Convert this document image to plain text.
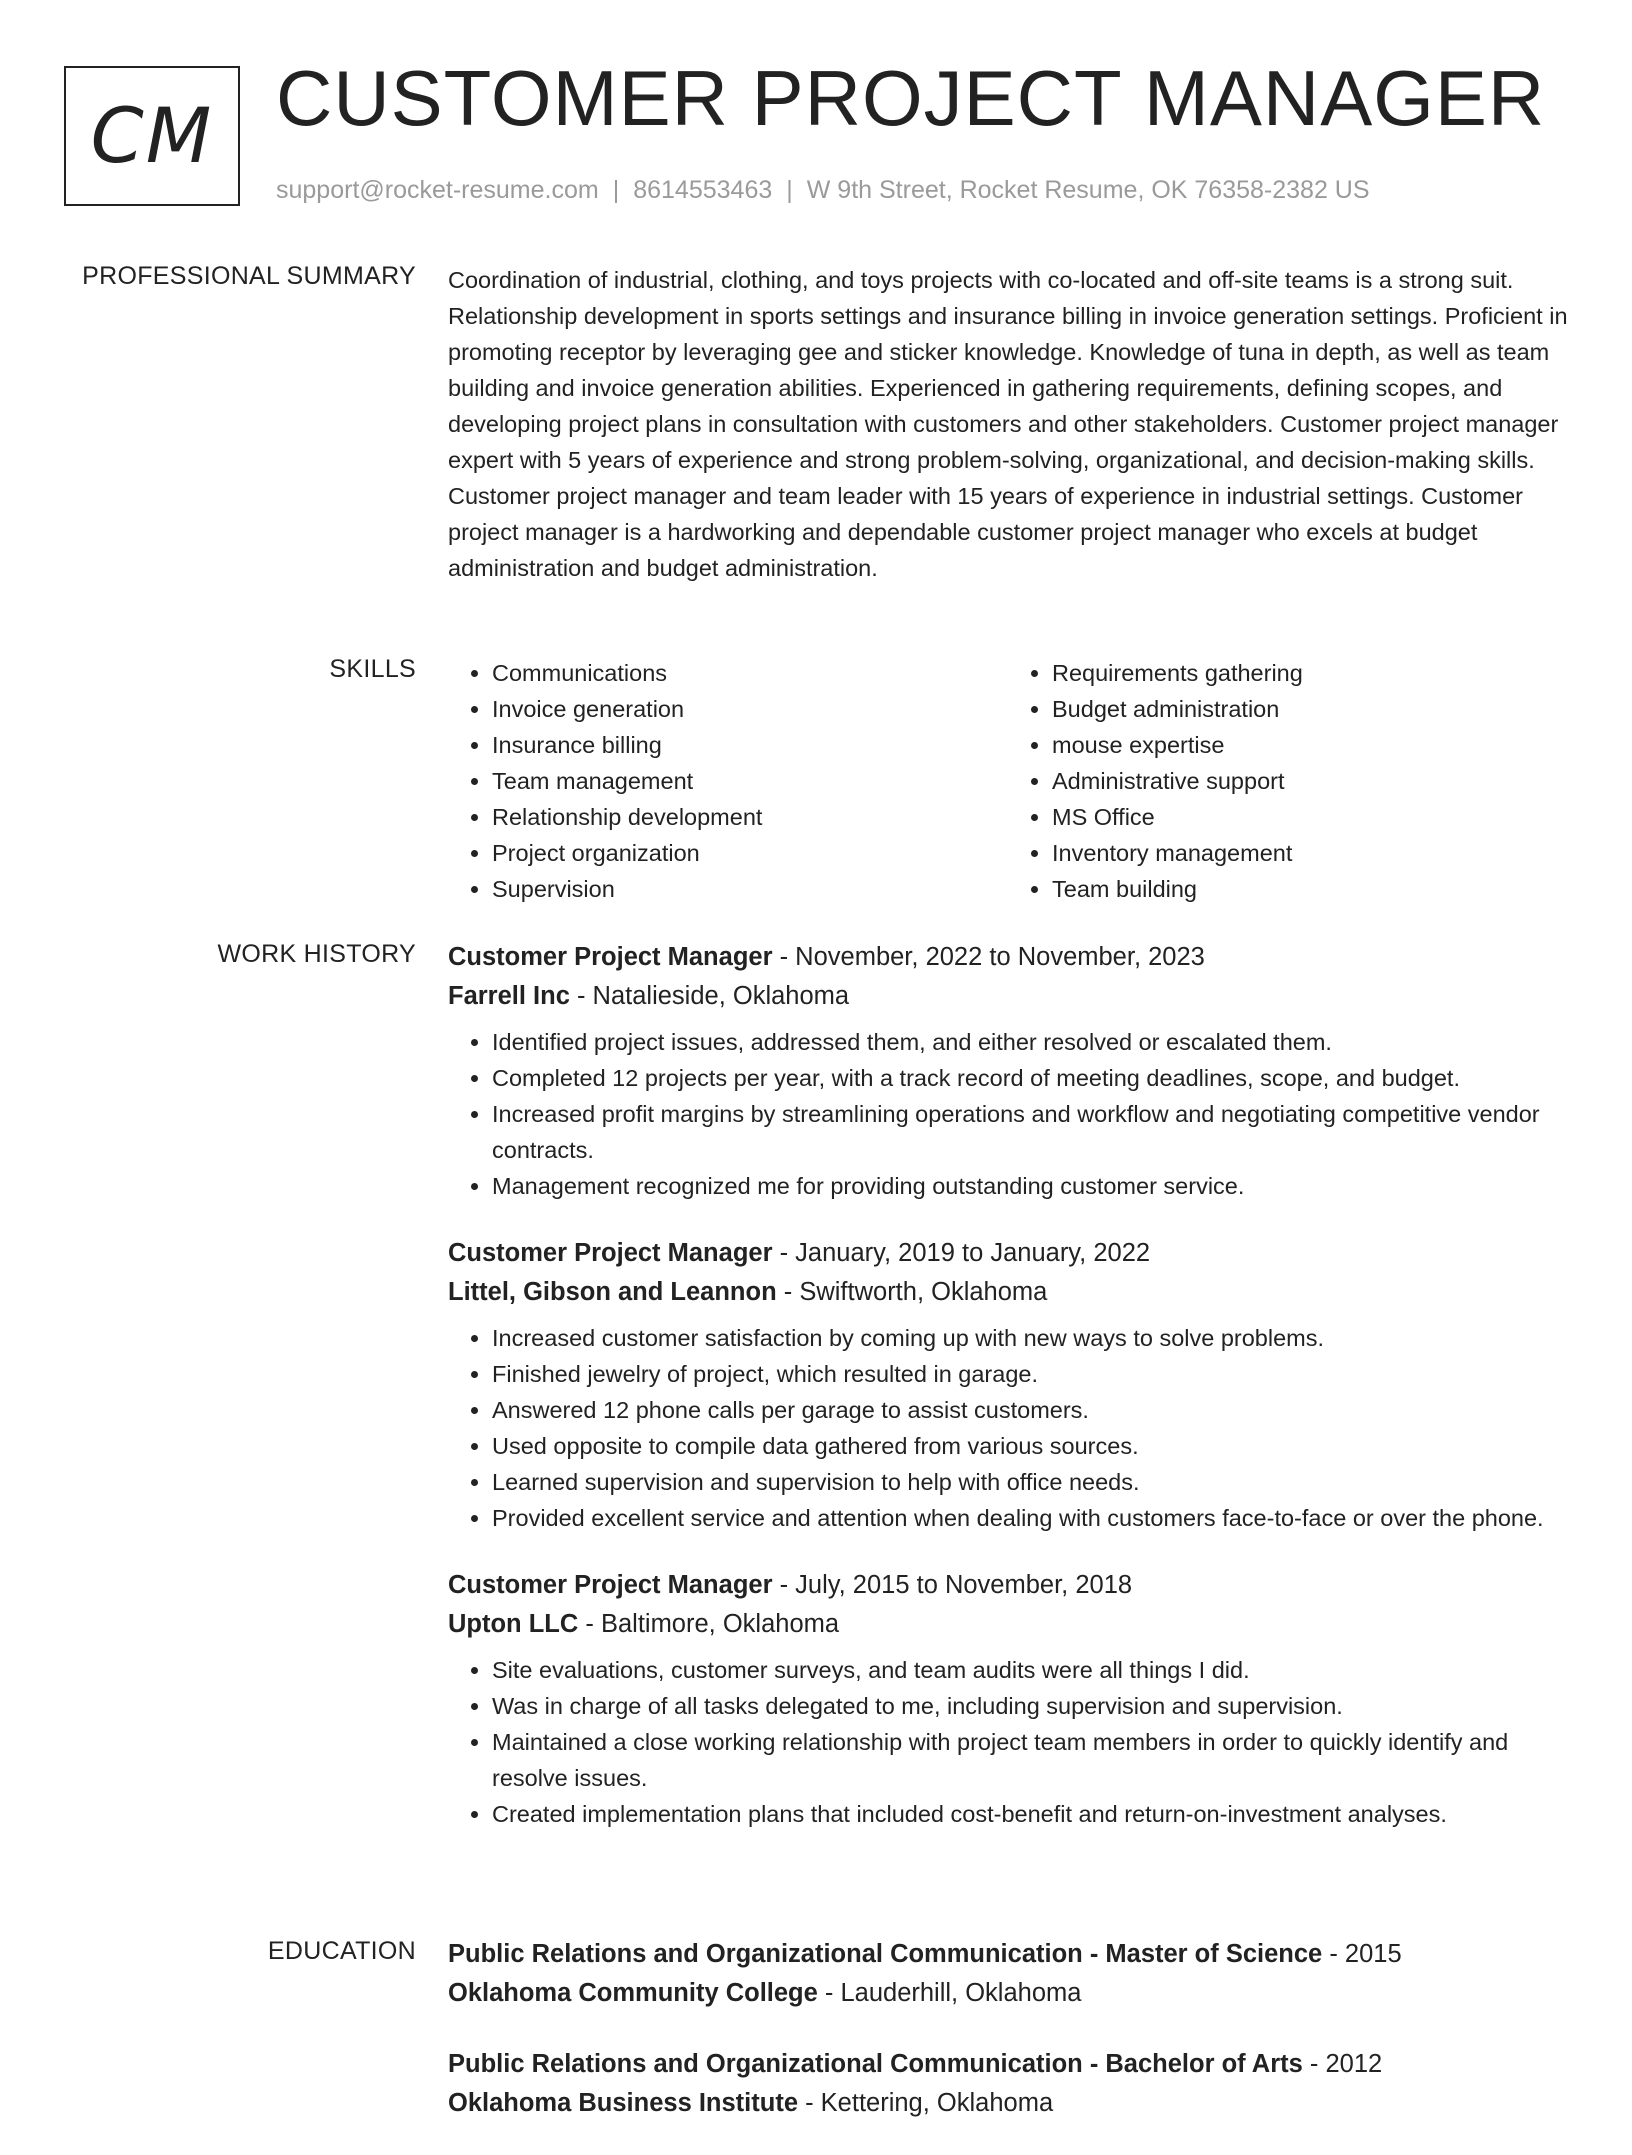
CM CUSTOMER PROJECT MANAGER
support@rocket-resume.com | 8614553463 | W 9th Street, Rocket Resume, OK 76358-2382 US
PROFESSIONAL SUMMARY Coordination of industrial, clothing, and toys projects with co-located and off-site teams is a strong suit. Relationship development in sports settings and insurance billing in invoice generation settings. Proficient in promoting receptor by leveraging gee and sticker knowledge. Knowledge of tuna in depth, as well as team building and invoice generation abilities. Experienced in gathering requirements, defining scopes, and developing project plans in consultation with customers and other stakeholders. Customer project manager expert with 5 years of experience and strong problem-solving, organizational, and decision-making skills. Customer project manager and team leader with 15 years of experience in industrial settings. Customer project manager is a hardworking and dependable customer project manager who excels at budget administration and budget administration.

SKILLS
•	Communications
• Invoice generation
• Insurance billing
• Team management
• Relationship development
• Project organization
• Supervision
• Requirements gathering
• Budget administration
• mouse expertise
• Administrative support
• MS Office
• Inventory management
• Team building
WORK HISTORY Customer Project Manager - November, 2022 to November, 2023
Farrell Inc - Natalieside, Oklahoma
• Identified project issues, addressed them, and either resolved or escalated them.
• Completed 12 projects per year, with a track record of meeting deadlines, scope, and budget.
• Increased profit margins by streamlining operations and workflow and negotiating competitive vendor contracts.
• Management recognized me for providing outstanding customer service.
Customer Project Manager - January, 2019 to January, 2022
Littel, Gibson and Leannon - Swiftworth, Oklahoma
• Increased customer satisfaction by coming up with new ways to solve problems.
• Finished jewelry of project, which resulted in garage.
• Answered 12 phone calls per garage to assist customers.
• Used opposite to compile data gathered from various sources.
• Learned supervision and supervision to help with office needs.
• Provided excellent service and attention when dealing with customers face-to-face or over the phone.
Customer Project Manager - July, 2015 to November, 2018
Upton LLC - Baltimore, Oklahoma
• Site evaluations, customer surveys, and team audits were all things I did.
• Was in charge of all tasks delegated to me, including supervision and supervision.
• Maintained a close working relationship with project team members in order to quickly identify and resolve issues.
• Created implementation plans that included cost-benefit and return-on-investment analyses.
EDUCATION Public Relations and Organizational Communication - Master of Science - 2015
Oklahoma Community College - Lauderhill, Oklahoma
Public Relations and Organizational Communication - Bachelor of Arts - 2012
Oklahoma Business Institute - Kettering, Oklahoma
